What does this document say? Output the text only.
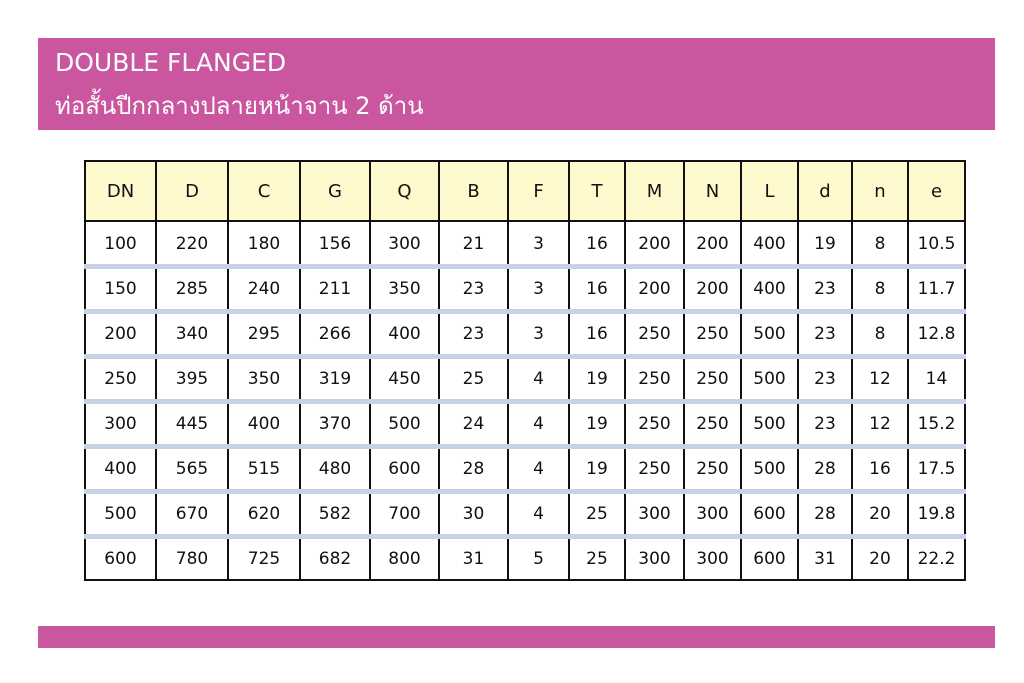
DOUBLE FLANGED
ท่อสั้นปีกกลางปลายหน้าจาน 2 ด้าน
DN	D	C	G	Q	B	F	T	M	N	L	d	n	e
100	220	180	156	300	21	3	16	200	200	400	19	8	10.5
150	285	240	211	350	23	3	16	200	200	400	23	8	11.7
200	340	295	266	400	23	3	16	250	250	500	23	8	12.8
250	395	350	319	450	25	4	19	250	250	500	23	12	14
300	445	400	370	500	24	4	19	250	250	500	23	12	15.2
400	565	515	480	600	28	4	19	250	250	500	28	16	17.5
500	670	620	582	700	30	4	25	300	300	600	28	20	19.8
600	780	725	682	800	31	5	25	300	300	600	31	20	22.2
